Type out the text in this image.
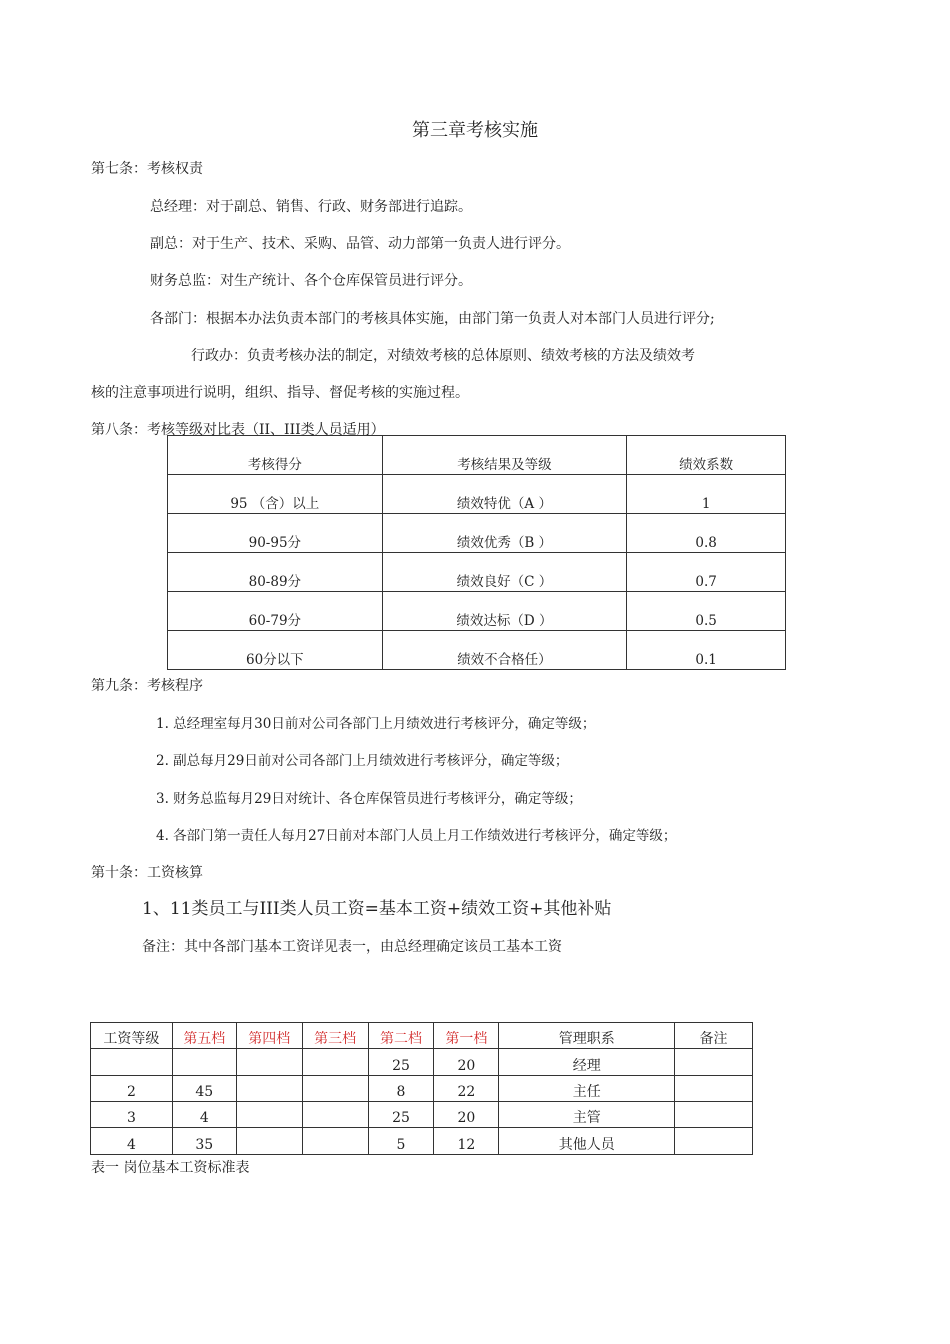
第三章考核实施
第七条：考核权责
总经理：对于副总、销售、行政、财务部进行追踪。
副总：对于生产、技术、采购、品管、动力部第一负责人进行评分。
财务总监：对生产统计、各个仓库保管员进行评分。
各部门：根据本办法负责本部门的考核具体实施，由部门第一负责人对本部门人员进行评分;
行政办：负责考核办法的制定，对绩效考核的总体原则、绩效考核的方法及绩效考
核的注意事项进行说明，组织、指导、督促考核的实施过程。
第八条：考核等级对比表（II、III类人员适用）
考核得分	考核结果及等级	绩效系数
95 （含）以上	绩效特优（A ）	1
90-95分	绩效优秀（B ）	0.8
80-89分	绩效良好（C ）	0.7
60-79分	绩效达标（D ）	0.5
60分以下	绩效不合格任）	0.1
第九条：考核程序
1. 总经理室每月30日前对公司各部门上月绩效进行考核评分，确定等级；
2. 副总每月29日前对公司各部门上月绩效进行考核评分，确定等级；
3. 财务总监每月29日对统计、各仓库保管员进行考核评分，确定等级；
4. 各部门第一责任人每月27日前对本部门人员上月工作绩效进行考核评分，确定等级；
第十条：工资核算
1、11类员工与III类人员工资=基本工资+绩效工资+其他补贴
备注：其中各部门基本工资详见表一，由总经理确定该员工基本工资
工资等级	第五档	第四档	第三档	第二档	第一档	管理职系	备注
				25	20	经理	
2	45			8	22	主任	
3	4			25	20	主管	
4	35			5	12	其他人员	
表一 岗位基本工资标准表
